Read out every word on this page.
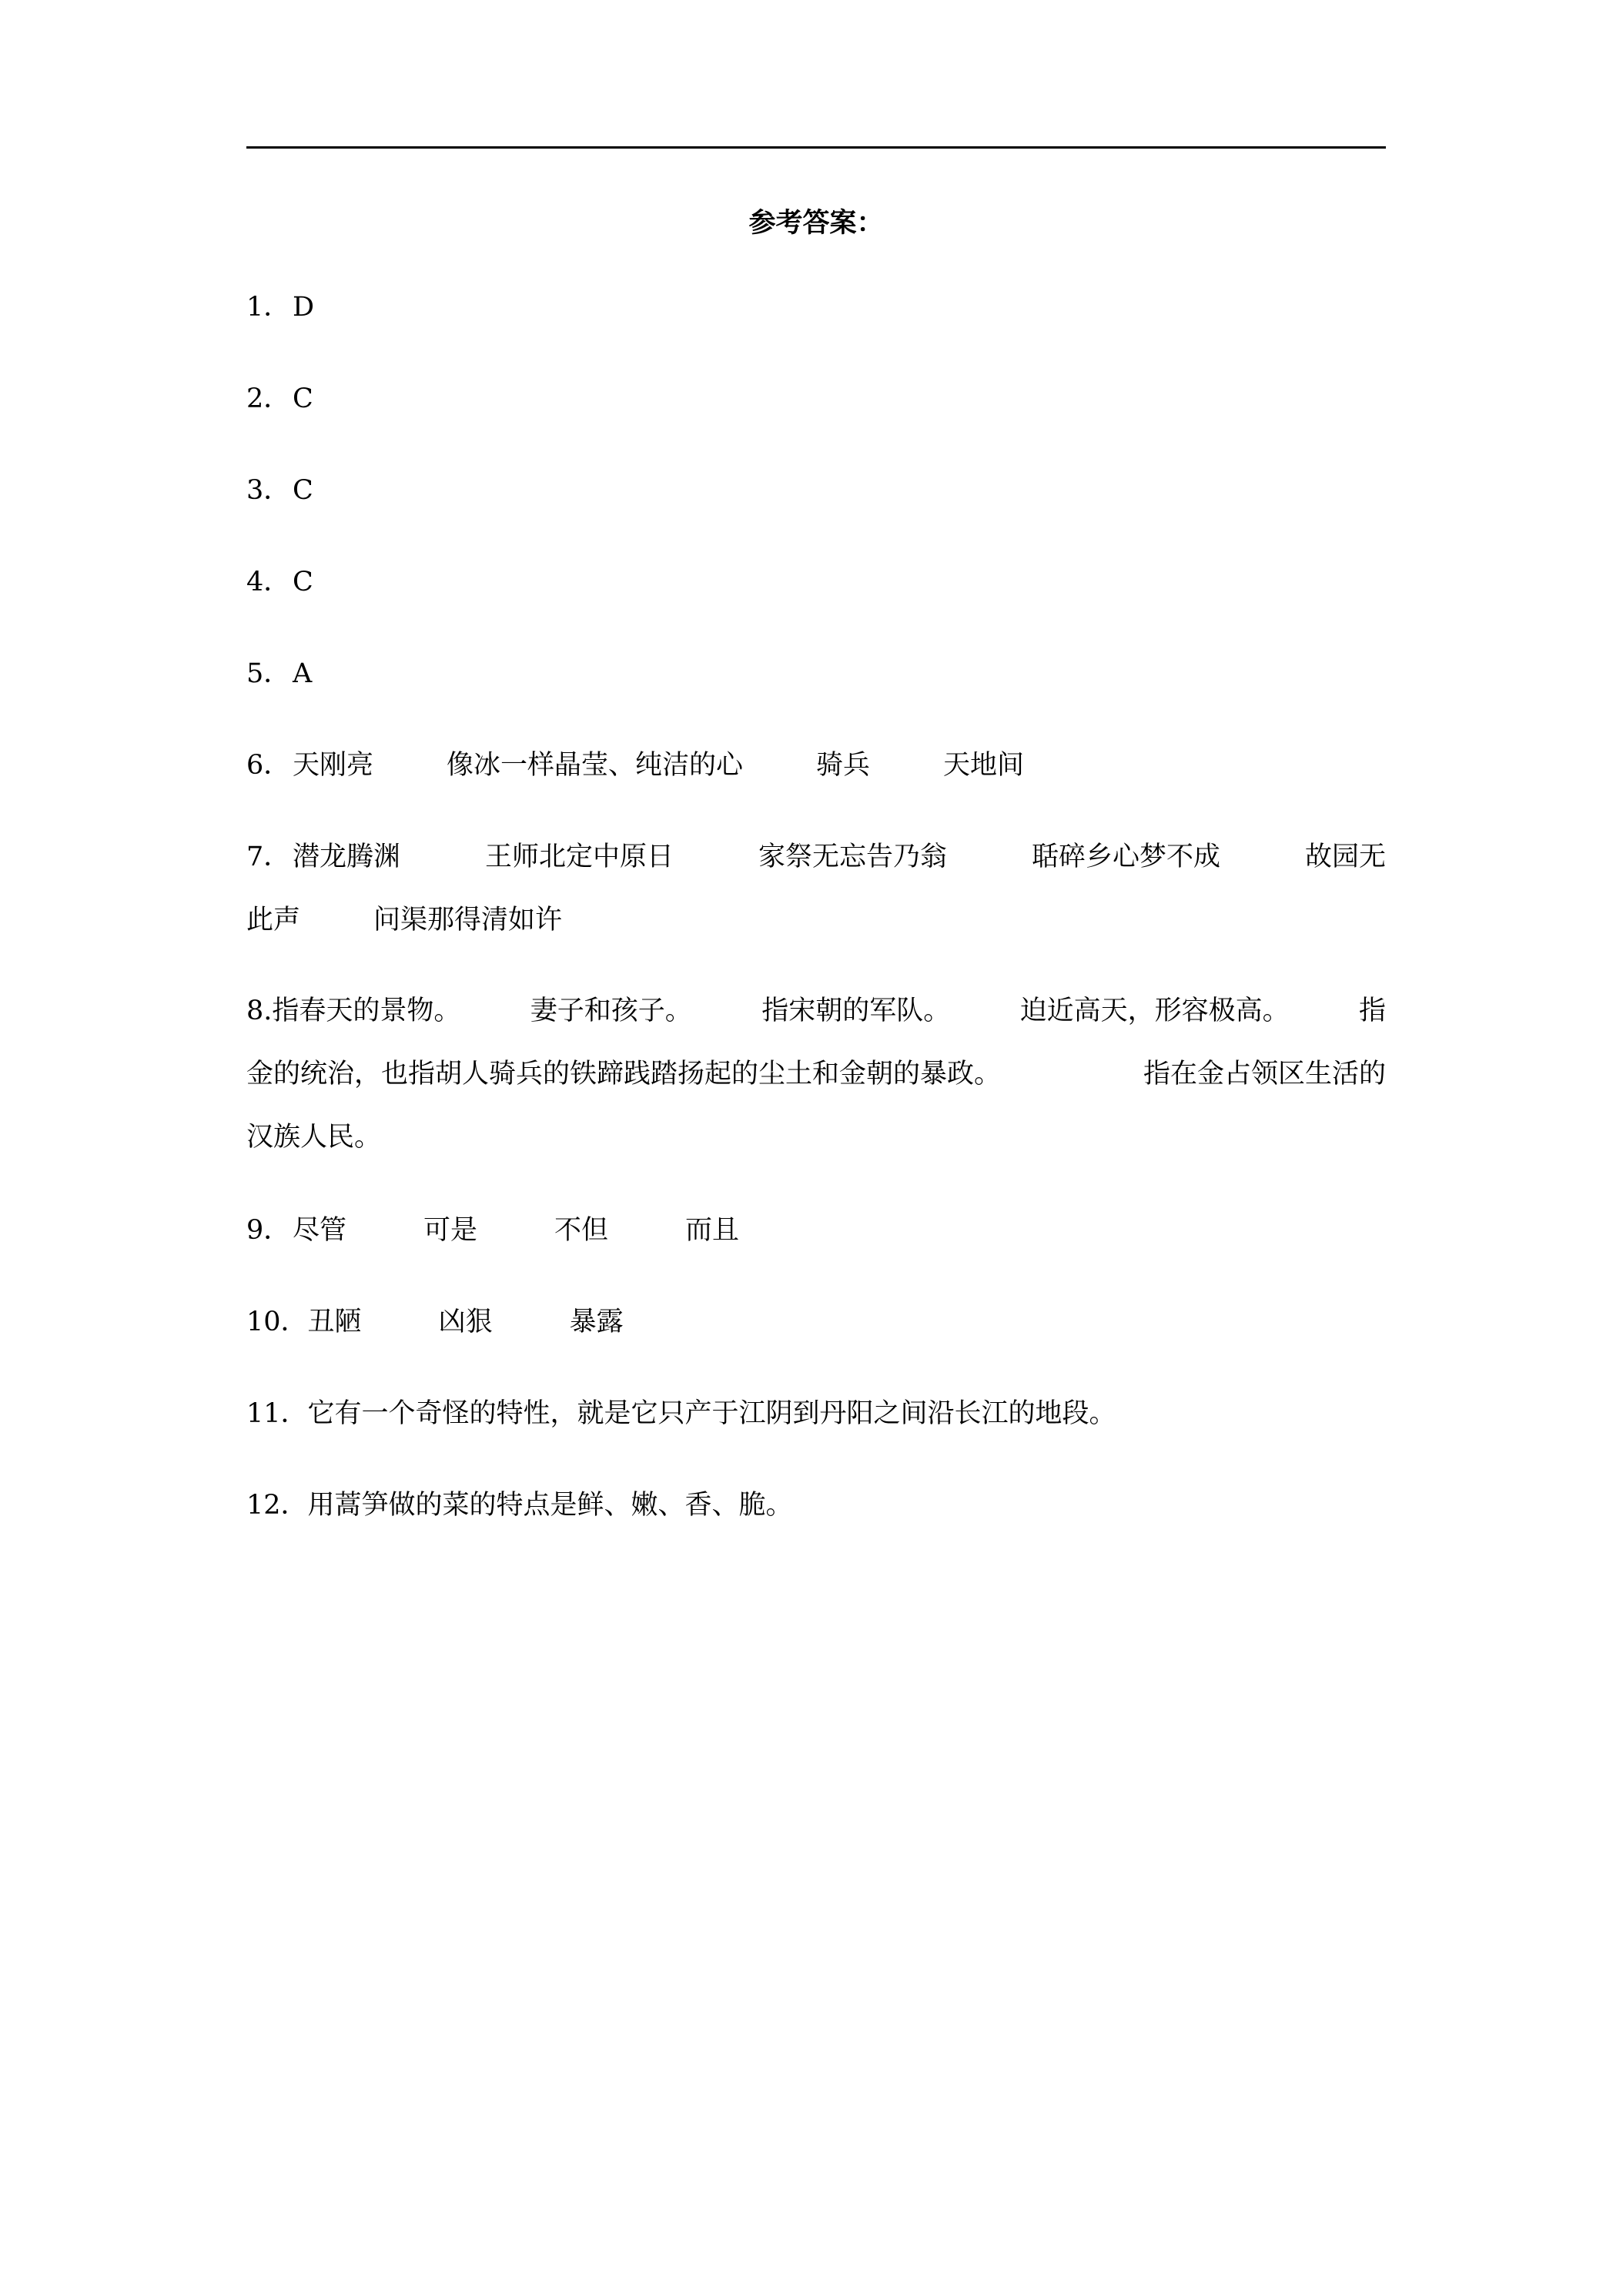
参考答案：
1．D
2．C
3．C
4．C
5．A
6．天刚亮	像冰一样晶莹、纯洁的心	骑兵	天地间
7．潜龙腾渊	王师北定中原日	家祭无忘告乃翁	聒碎乡心梦不成	故园无
此声	问渠那得清如许
8.指春天的景物。	妻子和孩子。	指宋朝的军队。	迫近高天，形容极高。	指
金的统治，也指胡人骑兵的铁蹄践踏扬起的尘土和金朝的暴政。	指在金占领区生活的
汉族人民。
9．尽管	可是	不但	而且
10．丑陋	凶狠	暴露
11．它有一个奇怪的特性，就是它只产于江阴到丹阳之间沿长江的地段。
12．用蒿笋做的菜的特点是鲜、嫩、香、脆。
